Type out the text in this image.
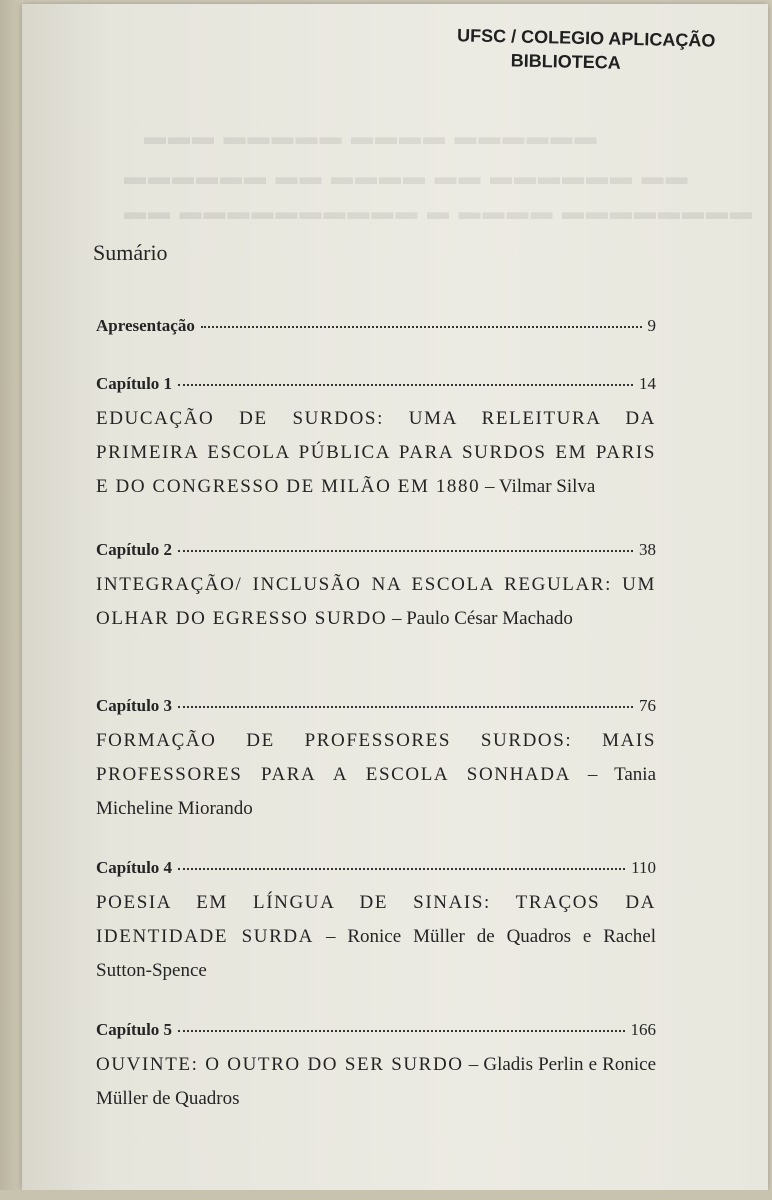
▬▬▬▬▬▬ ▬▬▬▬ ▬▬▬▬▬ ▬▬▬
▬▬ ▬▬▬▬▬▬ ▬▬ ▬▬▬▬ ▬▬ ▬▬▬▬▬▬
▬▬▬▬▬▬▬▬ ▬▬▬▬ ▬ ▬▬▬▬▬▬▬▬▬▬ ▬▬
UFSC / COLEGIO APLICAÇÃO

BIBLIOTECA
Sumário
Apresentação	9
Capítulo 1	14
EDUCAÇÃO DE SURDOS: UMA RELEITURA DA PRIMEIRA ESCOLA PÚBLICA PARA SURDOS EM PARIS E DO CONGRESSO DE MILÃO EM 1880 – Vilmar Silva
Capítulo 2	38
INTEGRAÇÃO/ INCLUSÃO NA ESCOLA REGULAR: UM OLHAR DO EGRESSO SURDO – Paulo César Machado
Capítulo 3	76
FORMAÇÃO DE PROFESSORES SURDOS: MAIS PROFESSORES PARA A ESCOLA SONHADA – Tania Micheline Miorando
Capítulo 4	110
POESIA EM LÍNGUA DE SINAIS: TRAÇOS DA IDENTIDADE SURDA – Ronice Müller de Quadros e Rachel Sutton-Spence
Capítulo 5	166
OUVINTE: O OUTRO DO SER SURDO – Gladis Perlin e Ronice Müller de Quadros
